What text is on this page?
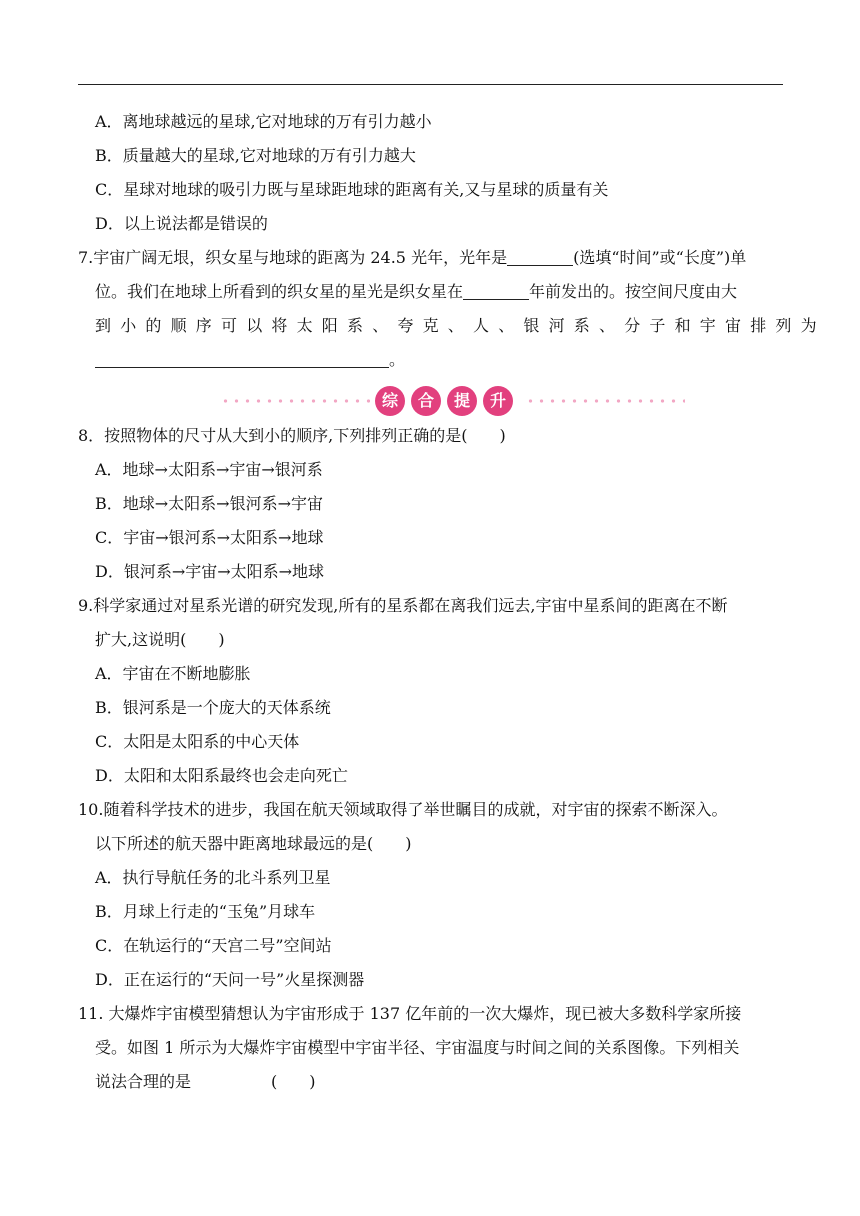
A．离地球越远的星球,它对地球的万有引力越小
B．质量越大的星球,它对地球的万有引力越大
C．星球对地球的吸引力既与星球距地球的距离有关,又与星球的质量有关
D．以上说法都是错误的
7.宇宙广阔无垠，织女星与地球的距离为 24.5 光年，光年是	(选填“时间”或“长度”)单
位。我们在地球上所看到的织女星的星光是织女星在	年前发出的。按空间尺度由大
到小的顺序可以将太阳系、夸克、人、银河系、分子和宇宙排列为
。
综	合	提	升
8．按照物体的尺寸从大到小的顺序,下列排列正确的是(　　)
A．地球→太阳系→宇宙→银河系
B．地球→太阳系→银河系→宇宙
C．宇宙→银河系→太阳系→地球
D．银河系→宇宙→太阳系→地球
9.科学家通过对星系光谱的研究发现,所有的星系都在离我们远去,宇宙中星系间的距离在不断
扩大,这说明(　　)
A．宇宙在不断地膨胀
B．银河系是一个庞大的天体系统
C．太阳是太阳系的中心天体
D．太阳和太阳系最终也会走向死亡
10.随着科学技术的进步，我国在航天领域取得了举世瞩目的成就，对宇宙的探索不断深入。
以下所述的航天器中距离地球最远的是(　　)
A．执行导航任务的北斗系列卫星
B．月球上行走的“玉兔”月球车
C．在轨运行的“天宫二号”空间站
D．正在运行的“天问一号”火星探测器
11. 大爆炸宇宙模型猜想认为宇宙形成于 137 亿年前的一次大爆炸，现已被大多数科学家所接
受。如图 1 所示为大爆炸宇宙模型中宇宙半径、宇宙温度与时间之间的关系图像。下列相关
说法合理的是　　　　　(　　)
